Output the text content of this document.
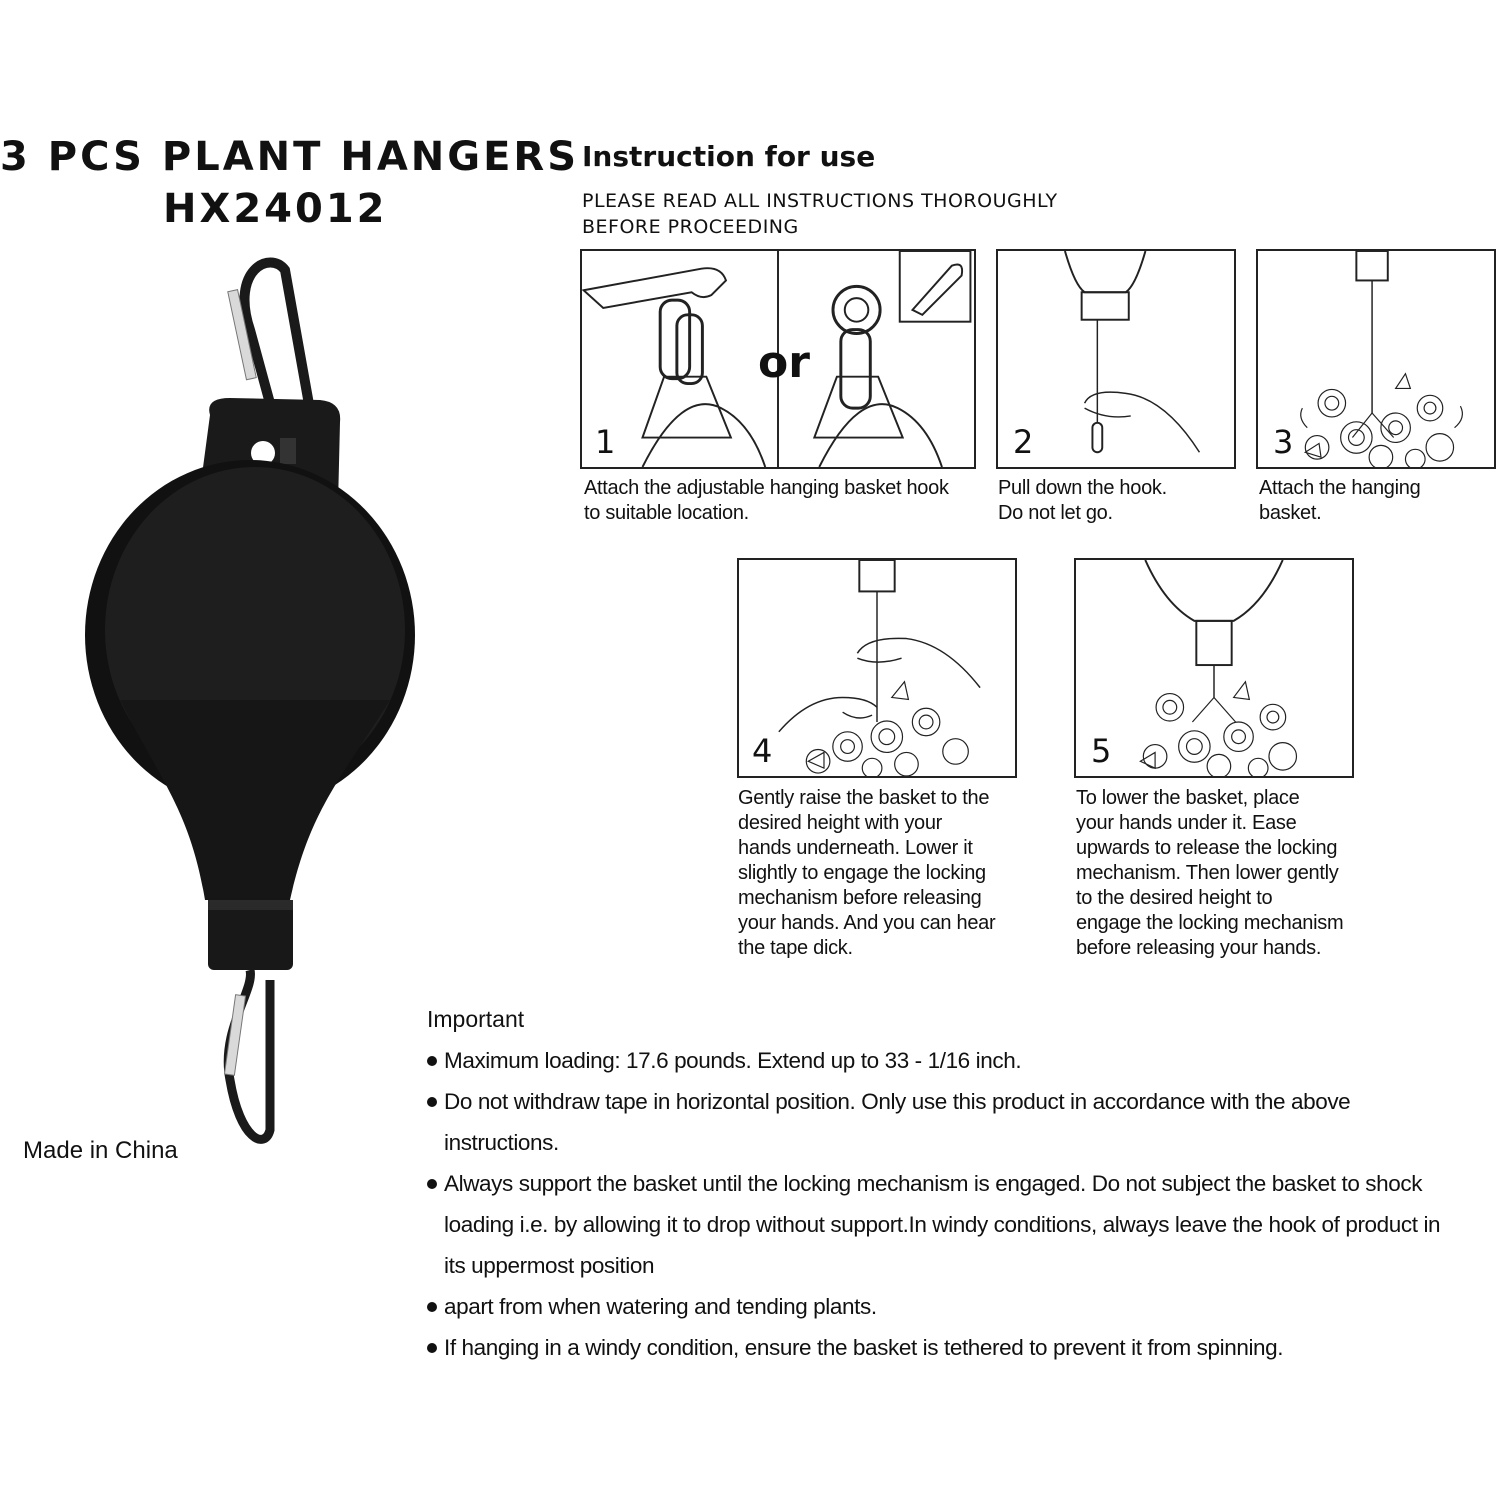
3 PCS PLANT HANGERS
HX24012
Made in China
Instruction for use
PLEASE READ ALL INSTRUCTIONS THOROUGHLY
BEFORE PROCEEDING
or
1
Attach the adjustable hanging basket hook
to suitable location.
2
Pull down the hook.
Do not let go.
3
Attach the hanging
basket.
4
Gently raise the basket to the
desired height with your
hands underneath. Lower it
slightly to engage the locking
mechanism before releasing
your hands. And you can hear
the tape dick.
5
To lower the basket, place
your hands under it. Ease
upwards to release the locking
mechanism. Then lower gently
to the desired height to
engage the locking mechanism
before releasing your hands.
Important
Maximum loading: 17.6 pounds. Extend up to 33 - 1/16 inch.
Do not withdraw tape in horizontal position. Only use this product in accordance with the above instructions.
Always support the basket until the locking mechanism is engaged. Do not subject the basket to shock loading i.e. by allowing it to drop without support.In windy conditions, always leave the hook of product in its uppermost position
apart from when watering and tending plants.
If hanging in a windy condition, ensure the basket is tethered to prevent it from spinning.
